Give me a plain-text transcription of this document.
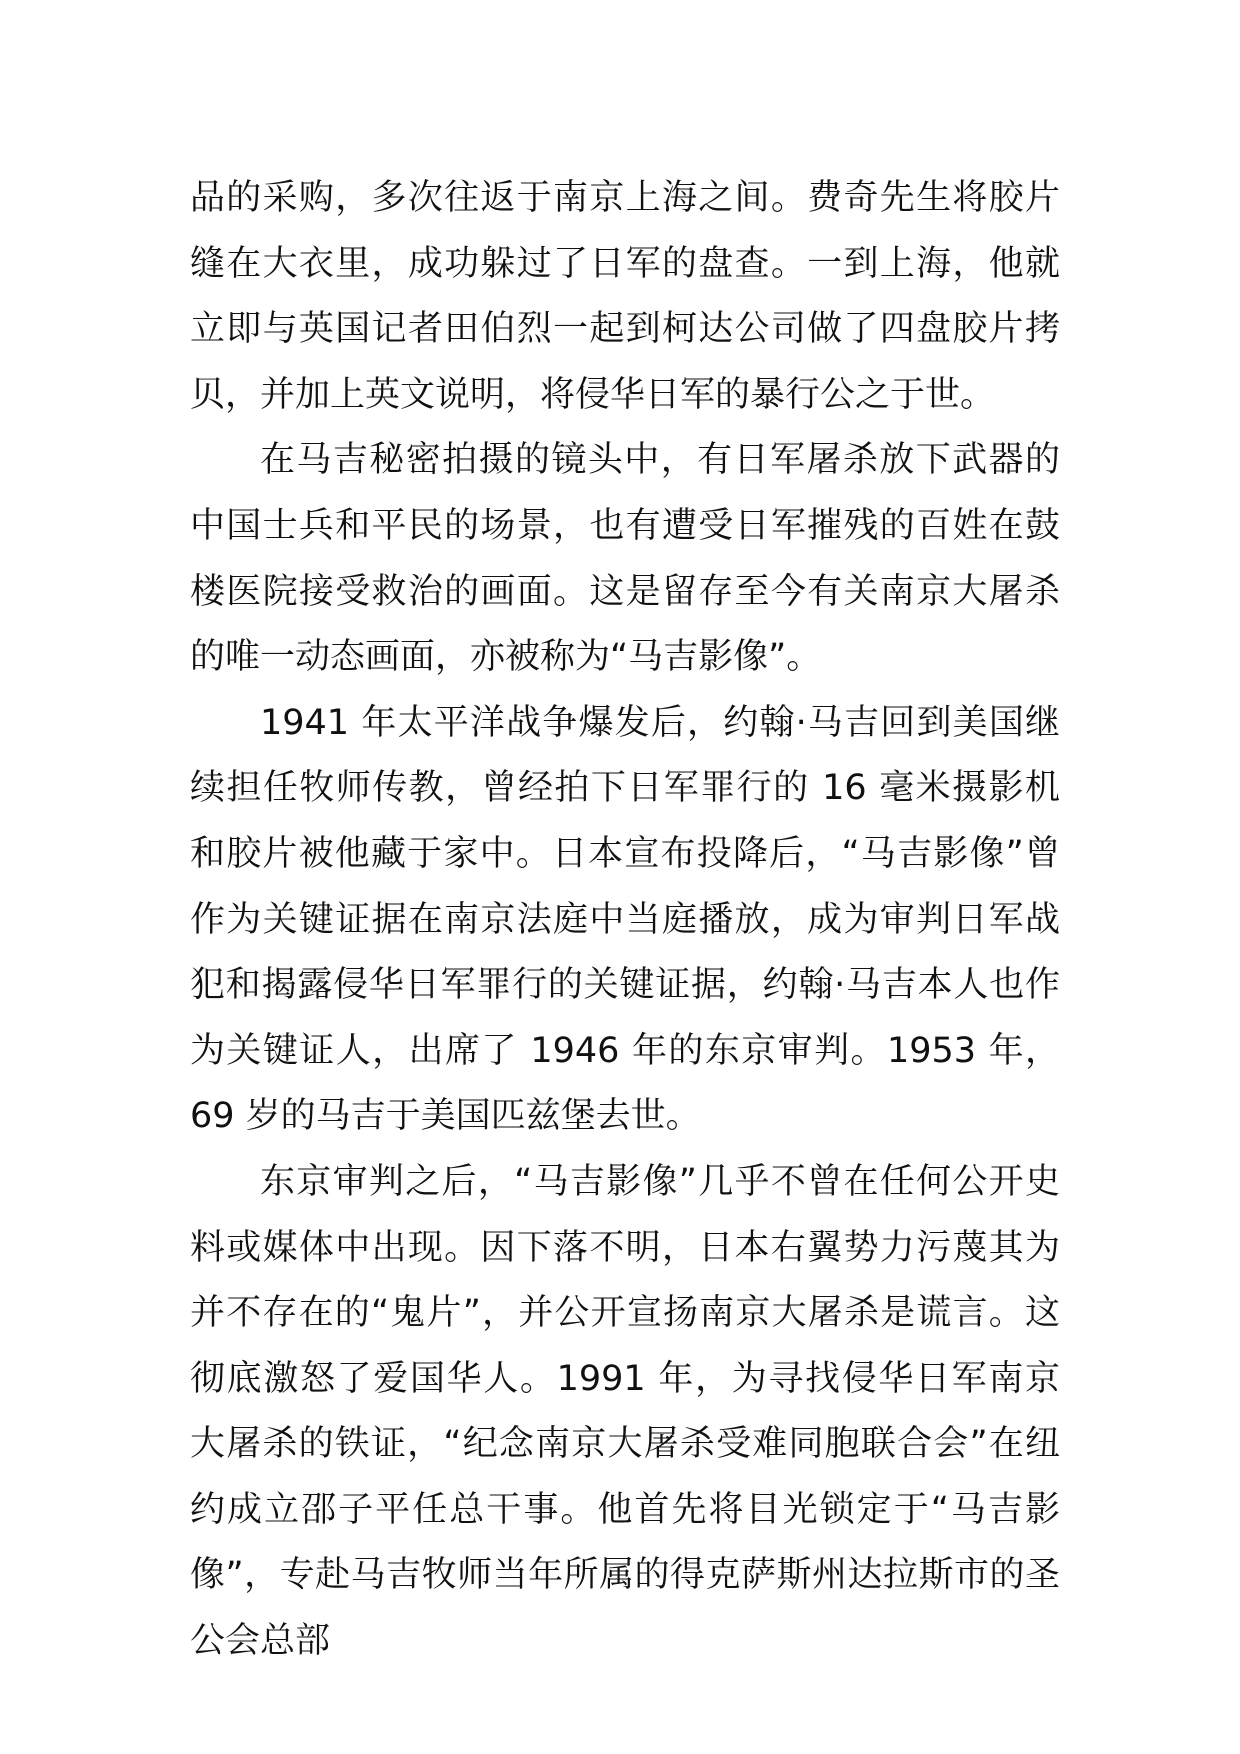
品的采购，多次往返于南京上海之间。费奇先生将胶片缝在大衣里，成功躲过了日军的盘查。一到上海，他就立即与英国记者田伯烈一起到柯达公司做了四盘胶片拷贝，并加上英文说明，将侵华日军的暴行公之于世。

在马吉秘密拍摄的镜头中，有日军屠杀放下武器的中国士兵和平民的场景，也有遭受日军摧残的百姓在鼓楼医院接受救治的画面。这是留存至今有关南京大屠杀的唯一动态画面，亦被称为“马吉影像”。

1941 年太平洋战争爆发后，约翰·马吉回到美国继续担任牧师传教，曾经拍下日军罪行的 16 毫米摄影机和胶片被他藏于家中。日本宣布投降后，“马吉影像”曾作为关键证据在南京法庭中当庭播放，成为审判日军战犯和揭露侵华日军罪行的关键证据，约翰·马吉本人也作为关键证人，出席了 1946 年的东京审判。1953 年，69 岁的马吉于美国匹兹堡去世。

东京审判之后，“马吉影像”几乎不曾在任何公开史料或媒体中出现。因下落不明，日本右翼势力污蔑其为并不存在的“鬼片”，并公开宣扬南京大屠杀是谎言。这彻底激怒了爱国华人。1991 年，为寻找侵华日军南京大屠杀的铁证，“纪念南京大屠杀受难同胞联合会”在纽约成立邵子平任总干事。他首先将目光锁定于“马吉影像”，专赴马吉牧师当年所属的得克萨斯州达拉斯市的圣公会总部
